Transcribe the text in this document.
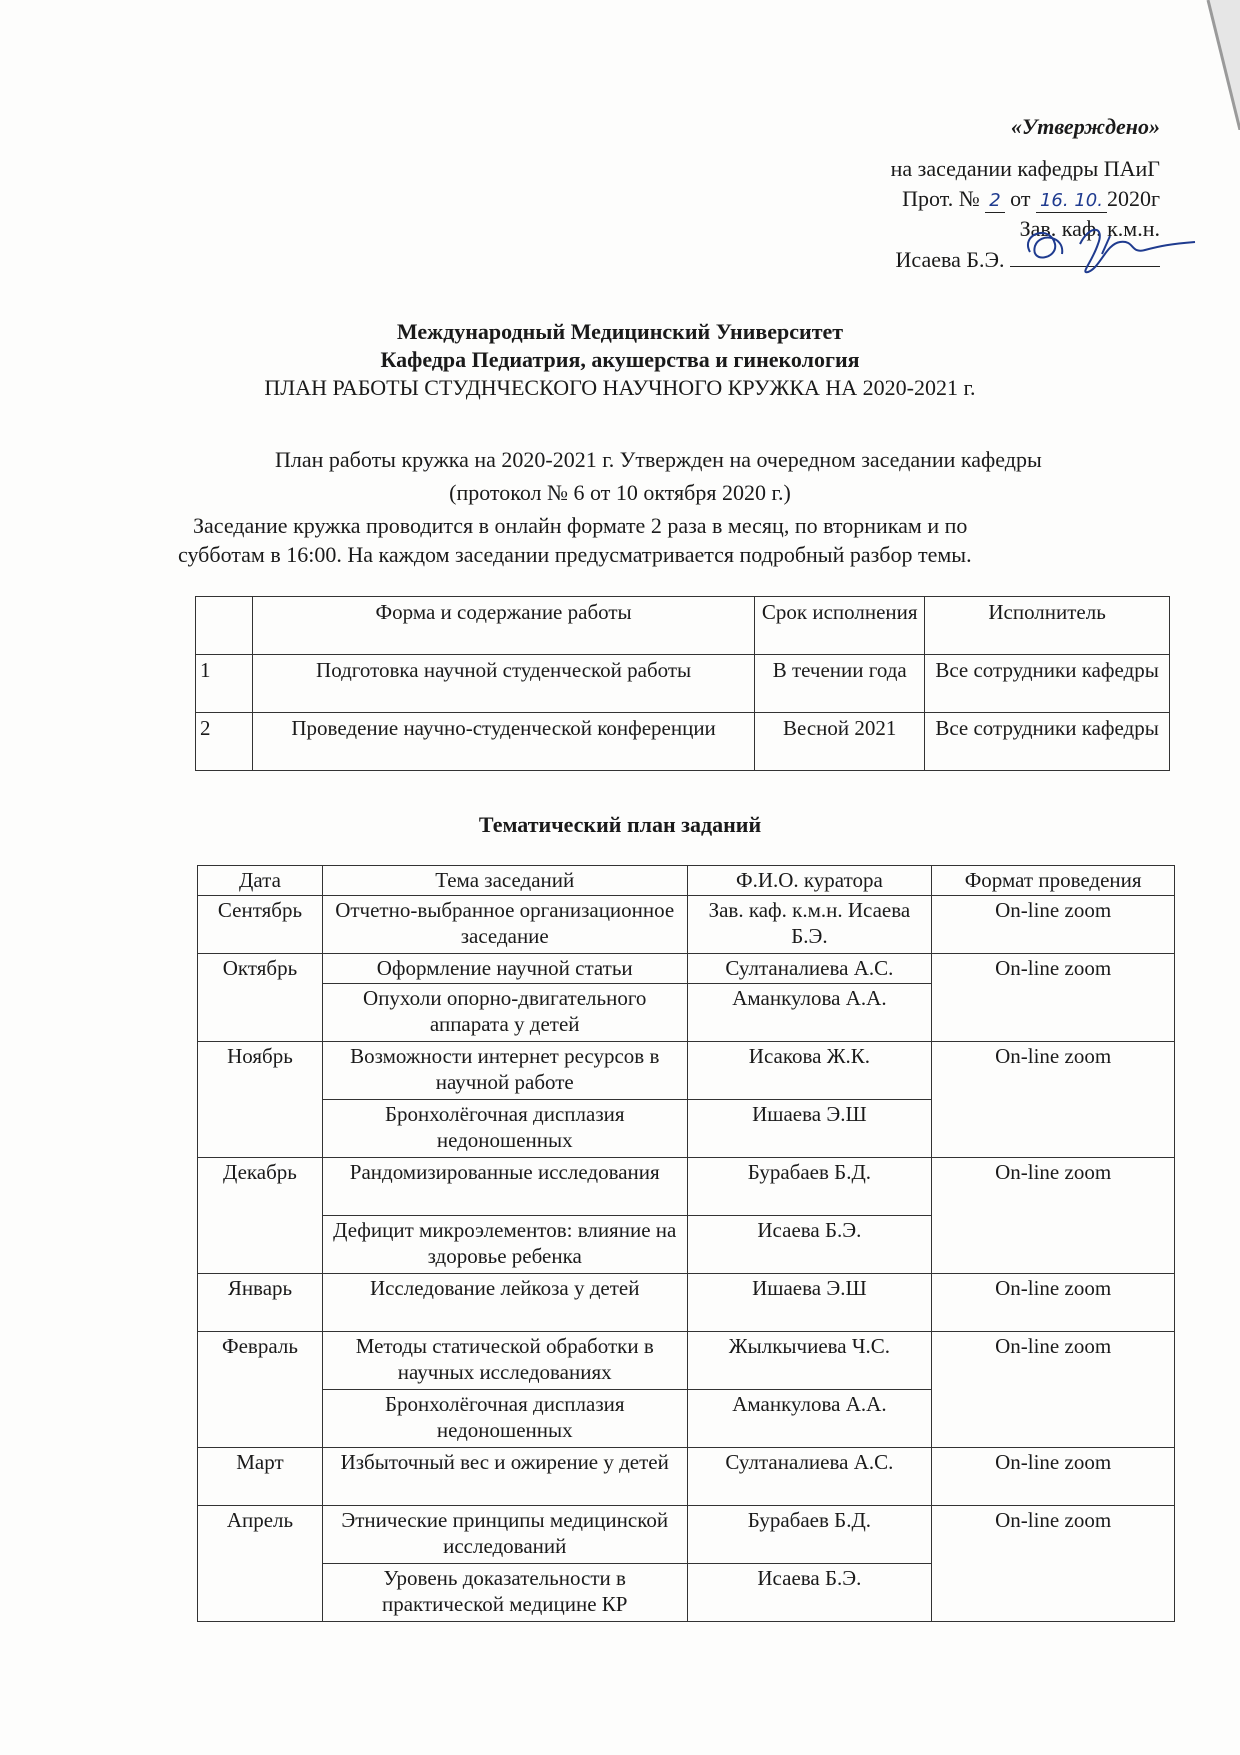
«Утверждено»
на заседании кафедры ПАиГ
Прот. № 2 от 16. 10. 2020г
Зав. каф. к.м.н.
Исаева Б.Э.
Международный Медицинский Университет
Кафедра Педиатрия, акушерства и гинекология
ПЛАН РАБОТЫ СТУДНЧЕСКОГО НАУЧНОГО КРУЖКА НА 2020-2021 г.
План работы кружка на 2020-2021 г. Утвержден на очередном заседании кафедры
(протокол № 6 от 10 октября 2020 г.)
Заседание кружка проводится в онлайн формате 2 раза в месяц, по вторникам и по
субботам в 16:00. На каждом заседании предусматривается подробный разбор темы.
	Форма и содержание работы	Срок исполнения	Исполнитель
1	Подготовка научной студенческой работы	В течении года	Все сотрудники кафедры
2	Проведение научно-студенческой конференции	Весной 2021	Все сотрудники кафедры
Тематический план заданий
Дата	Тема заседаний	Ф.И.О. куратора	Формат проведения
Сентябрь	Отчетно-выбранное организационное заседание	Зав. каф. к.м.н. Исаева Б.Э.	On-line zoom
Октябрь	Оформление научной статьи	Султаналиева А.С.	On-line zoom
	Опухоли опорно-двигательного аппарата у детей	Аманкулова А.А.	
Ноябрь	Возможности интернет ресурсов в научной работе	Исакова Ж.К.	On-line zoom
	Бронхолёгочная дисплазия недоношенных	Ишаева Э.Ш	
Декабрь	Рандомизированные исследования	Бурабаев Б.Д.	On-line zoom
	Дефицит микроэлементов: влияние на здоровье ребенка	Исаева Б.Э.	
Январь	Исследование лейкоза у детей	Ишаева Э.Ш	On-line zoom
Февраль	Методы статической обработки в научных исследованиях	Жылкычиева Ч.С.	On-line zoom
	Бронхолёгочная дисплазия недоношенных	Аманкулова А.А.	
Март	Избыточный вес и ожирение у детей	Султаналиева А.С.	On-line zoom
Апрель	Этнические принципы медицинской исследований	Бурабаев Б.Д.	On-line zoom
	Уровень доказательности в практической медицине КР	Исаева Б.Э.	
